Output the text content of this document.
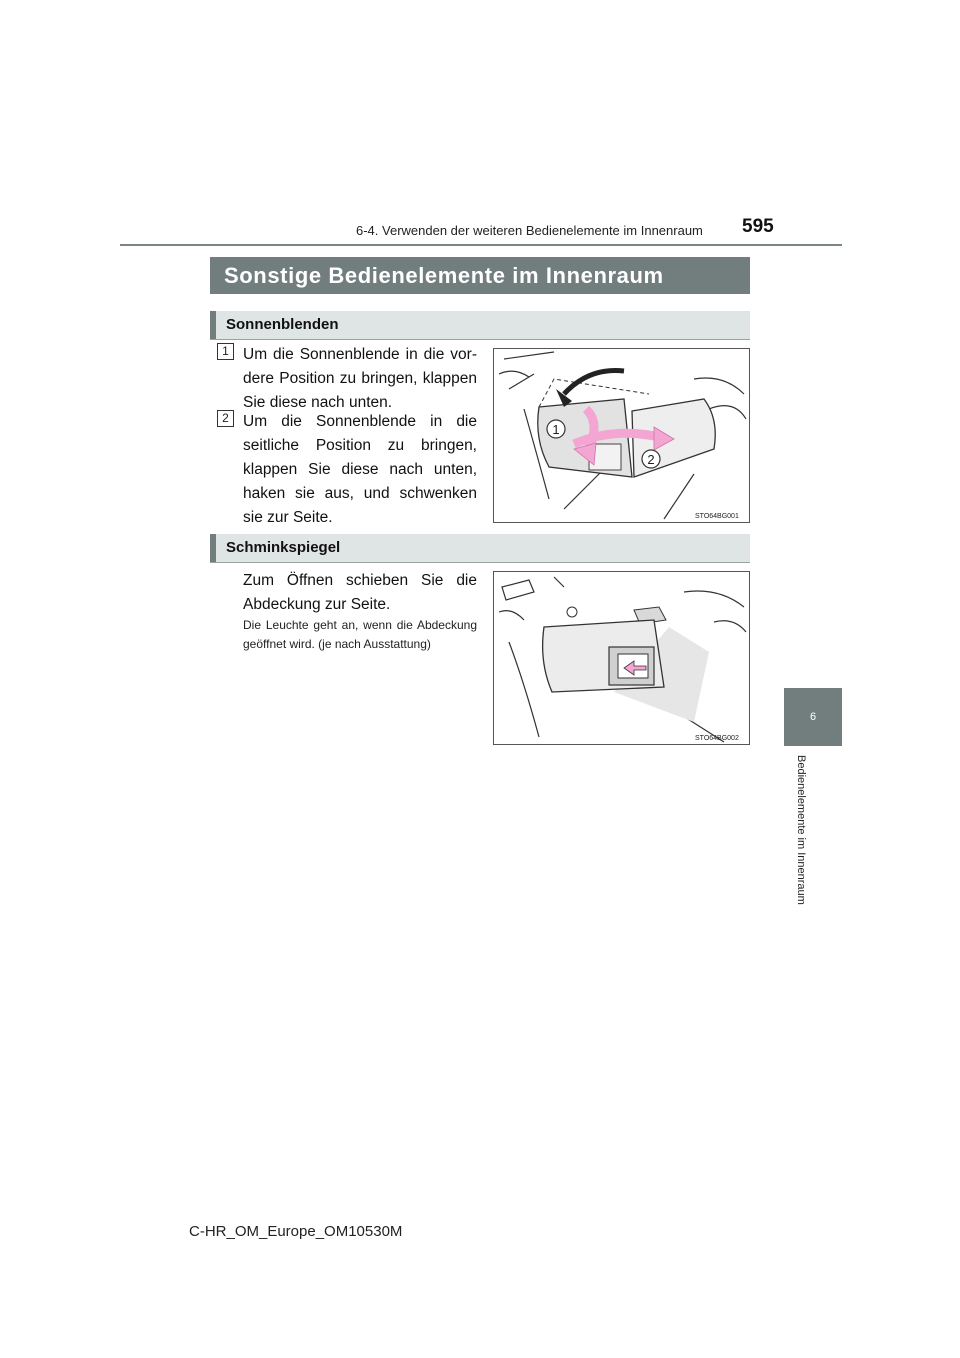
6-4. Verwenden der weiteren Bedienelemente im Innenraum 595
Sonstige Bedienelemente im Innenraum
Sonnenblenden
1 Um die Sonnenblende in die vordere Position zu bringen, klappen Sie diese nach unten.
2 Um die Sonnenblende in die seitliche Position zu bringen, klappen Sie diese nach unten, haken sie aus, und schwenken sie zur Seite.
1
2
STO64BG001
Schminkspiegel
Zum Öffnen schieben Sie die Abdeckung zur Seite.
Die Leuchte geht an, wenn die Abdeckung geöffnet wird. (je nach Ausstattung)
STO64BG002
6
Bedienelemente im Innenraum
C-HR_OM_Europe_OM10530M
